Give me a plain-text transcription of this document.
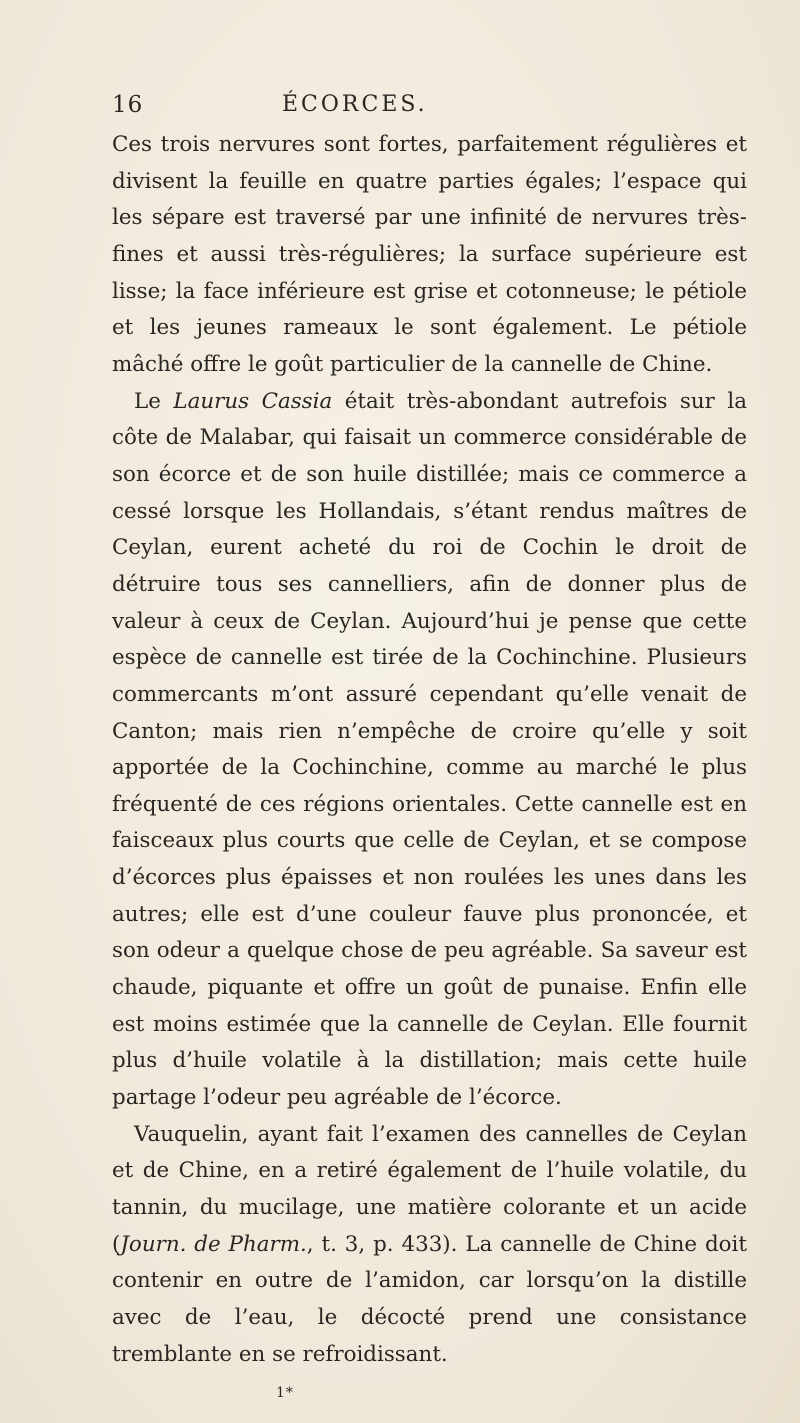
16	ÉCORCES.

Ces trois nervures sont fortes, parfaitement régulières et divisent la feuille en quatre parties égales; l’espace qui les sépare est traversé par une infinité de nervures très-fines et aussi très-régulières; la surface supérieure est lisse; la face inférieure est grise et cotonneuse; le pétiole et les jeunes rameaux le sont également. Le pétiole mâché offre le goût particulier de la cannelle de Chine.

Le Laurus Cassia était très-abondant autrefois sur la côte de Malabar, qui faisait un commerce considérable de son écorce et de son huile distillée; mais ce commerce a cessé lorsque les Hollandais, s’étant rendus maîtres de Ceylan, eurent acheté du roi de Cochin le droit de détruire tous ses cannelliers, afin de donner plus de valeur à ceux de Ceylan. Aujourd’hui je pense que cette espèce de cannelle est tirée de la Cochinchine. Plusieurs commercants m’ont assuré cependant qu’elle venait de Canton; mais rien n’empêche de croire qu’elle y soit apportée de la Cochinchine, comme au marché le plus fréquenté de ces régions orientales. Cette cannelle est en faisceaux plus courts que celle de Ceylan, et se compose d’écorces plus épaisses et non roulées les unes dans les autres; elle est d’une couleur fauve plus prononcée, et son odeur a quelque chose de peu agréable. Sa saveur est chaude, piquante et offre un goût de punaise. Enfin elle est moins estimée que la cannelle de Ceylan. Elle fournit plus d’huile volatile à la distillation; mais cette huile partage l’odeur peu agréable de l’écorce.

Vauquelin, ayant fait l’examen des cannelles de Ceylan et de Chine, en a retiré également de l’huile volatile, du tannin, du mucilage, une matière colorante et un acide (Journ. de Pharm., t. 3, p. 433). La cannelle de Chine doit contenir en outre de l’amidon, car lorsqu’on la distille avec de l’eau, le décocté prend une consistance tremblante en se refroidissant.

1*
